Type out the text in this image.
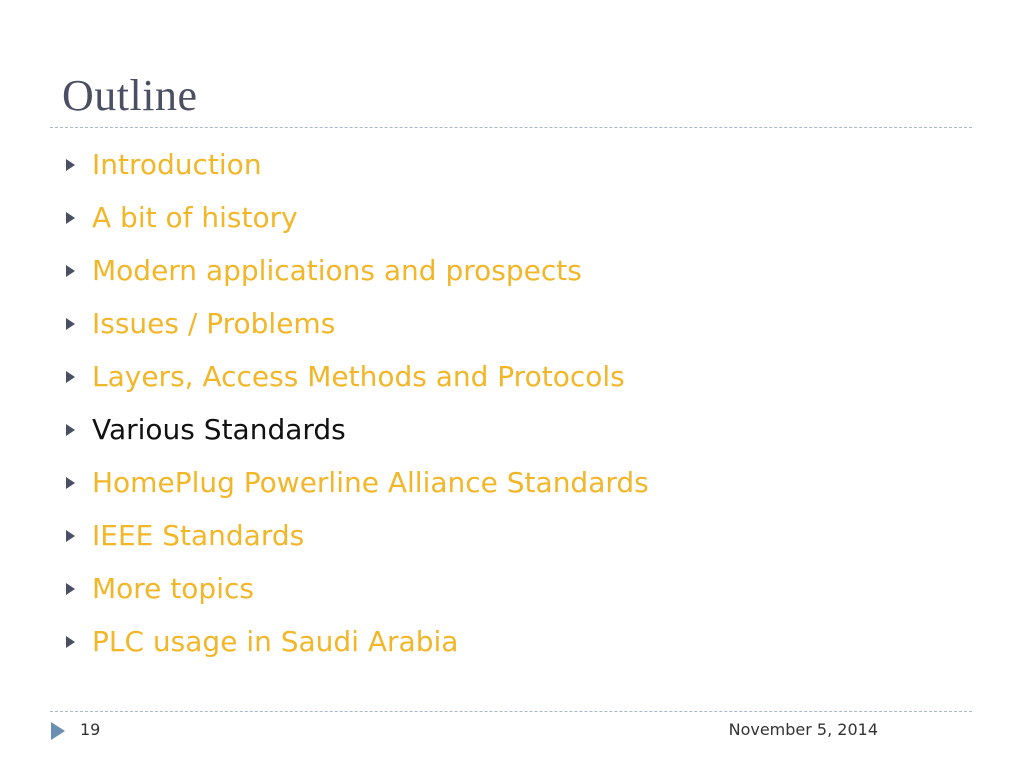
Outline
Introduction
A bit of history
Modern applications and prospects
Issues / Problems
Layers, Access Methods and Protocols
Various Standards
HomePlug Powerline Alliance Standards
IEEE Standards
More topics
PLC usage in Saudi Arabia
19	November 5, 2014
